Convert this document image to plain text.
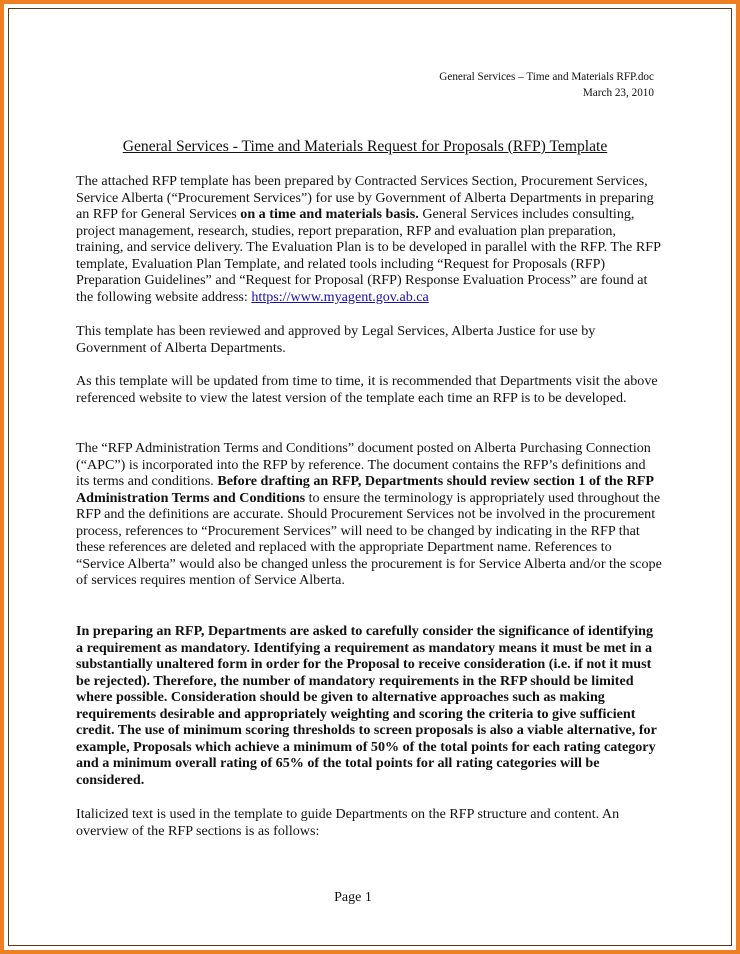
General Services – Time and Materials RFP.doc
March 23, 2010
General Services - Time and Materials Request for Proposals (RFP) Template
The attached RFP template has been prepared by Contracted Services Section, Procurement Services, Service Alberta (“Procurement Services”) for use by Government of Alberta Departments in preparing an RFP for General Services on a time and materials basis. General Services includes consulting, project management, research, studies, report preparation, RFP and evaluation plan preparation, training, and service delivery. The Evaluation Plan is to be developed in parallel with the RFP. The RFP template, Evaluation Plan Template, and related tools including “Request for Proposals (RFP) Preparation Guidelines” and “Request for Proposal (RFP) Response Evaluation Process” are found at the following website address: https://www.myagent.gov.ab.ca
This template has been reviewed and approved by Legal Services, Alberta Justice for use by Government of Alberta Departments.
As this template will be updated from time to time, it is recommended that Departments visit the above referenced website to view the latest version of the template each time an RFP is to be developed.
The “RFP Administration Terms and Conditions” document posted on Alberta Purchasing Connection (“APC”) is incorporated into the RFP by reference. The document contains the RFP’s definitions and its terms and conditions. Before drafting an RFP, Departments should review section 1 of the RFP Administration Terms and Conditions to ensure the terminology is appropriately used throughout the RFP and the definitions are accurate. Should Procurement Services not be involved in the procurement process, references to “Procurement Services” will need to be changed by indicating in the RFP that these references are deleted and replaced with the appropriate Department name. References to “Service Alberta” would also be changed unless the procurement is for Service Alberta and/or the scope of services requires mention of Service Alberta.
In preparing an RFP, Departments are asked to carefully consider the significance of identifying a requirement as mandatory. Identifying a requirement as mandatory means it must be met in a substantially unaltered form in order for the Proposal to receive consideration (i.e. if not it must be rejected). Therefore, the number of mandatory requirements in the RFP should be limited where possible. Consideration should be given to alternative approaches such as making requirements desirable and appropriately weighting and scoring the criteria to give sufficient credit. The use of minimum scoring thresholds to screen proposals is also a viable alternative, for example, Proposals which achieve a minimum of 50% of the total points for each rating category and a minimum overall rating of 65% of the total points for all rating categories will be considered.
Italicized text is used in the template to guide Departments on the RFP structure and content. An overview of the RFP sections is as follows:
Page 1
